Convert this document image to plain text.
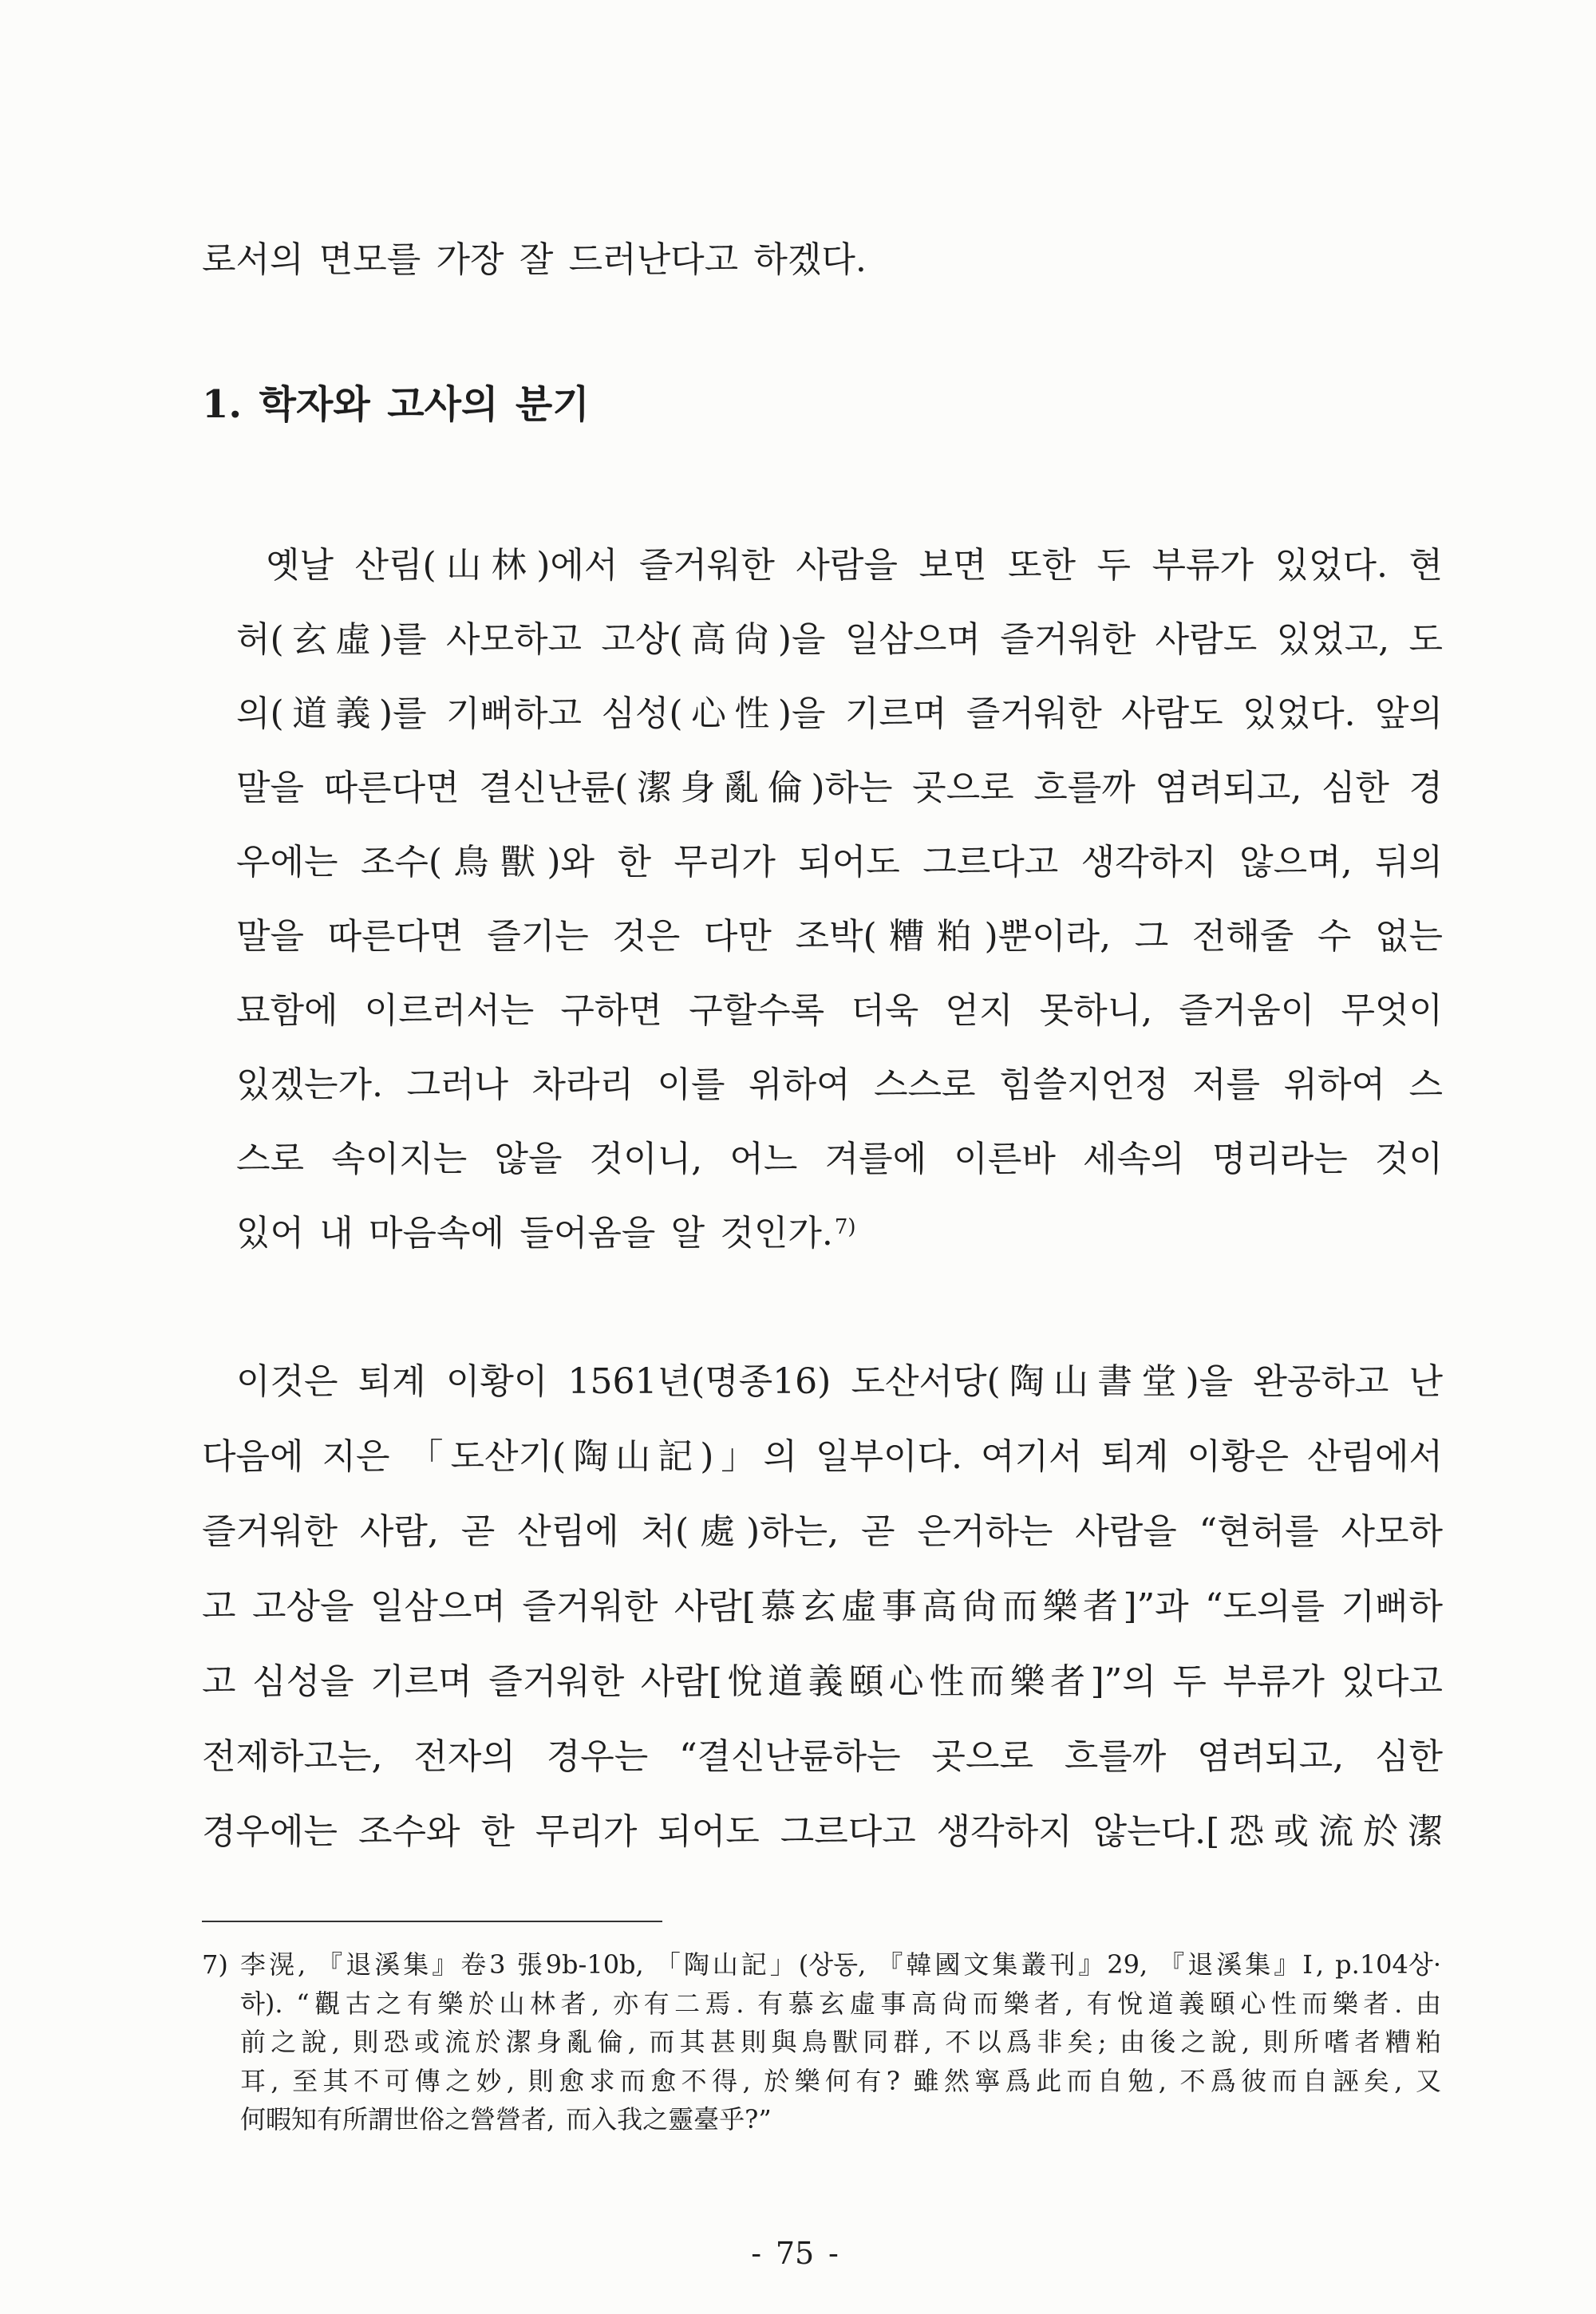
로서의 면모를 가장 잘 드러난다고 하겠다.
1. 학자와 고사의 분기
옛날 산림(山林)에서 즐거워한 사람을 보면 또한 두 부류가 있었다. 현
허(玄虛)를 사모하고 고상(高尙)을 일삼으며 즐거워한 사람도 있었고, 도
의(道義)를 기뻐하고 심성(心性)을 기르며 즐거워한 사람도 있었다. 앞의
말을 따른다면 결신난륜(潔身亂倫)하는 곳으로 흐를까 염려되고, 심한 경
우에는 조수(鳥獸)와 한 무리가 되어도 그르다고 생각하지 않으며, 뒤의
말을 따른다면 즐기는 것은 다만 조박(糟粕)뿐이라, 그 전해줄 수 없는
묘함에 이르러서는 구하면 구할수록 더욱 얻지 못하니, 즐거움이 무엇이
있겠는가. 그러나 차라리 이를 위하여 스스로 힘쓸지언정 저를 위하여 스
스로 속이지는 않을 것이니, 어느 겨를에 이른바 세속의 명리라는 것이
있어 내 마음속에 들어옴을 알 것인가.$^{7)}$
이것은 퇴계 이황이 1561년(명종16) 도산서당(陶山書堂)을 완공하고 난
다음에 지은 「도산기(陶山記)」의 일부이다. 여기서 퇴계 이황은 산림에서
즐거워한 사람, 곧 산림에 처(處)하는, 곧 은거하는 사람을 “현허를 사모하
고 고상을 일삼으며 즐거워한 사람[慕玄虛事高尙而樂者]”과 “도의를 기뻐하
고 심성을 기르며 즐거워한 사람[悅道義頤心性而樂者]”의 두 부류가 있다고
전제하고는, 전자의 경우는 “결신난륜하는 곳으로 흐를까 염려되고, 심한
경우에는 조수와 한 무리가 되어도 그르다고 생각하지 않는다.[恐或流於潔
7) 李滉, 『退溪集』卷3 張9b-10b, 「陶山記」(상동, 『韓國文集叢刊』29, 『退溪集』Ⅰ, p.104상·
하). “觀古之有樂於山林者, 亦有二焉. 有慕玄虛事高尙而樂者, 有悅道義頤心性而樂者. 由
前之說, 則恐或流於潔身亂倫, 而其甚則與鳥獸同群, 不以爲非矣; 由後之說, 則所嗜者糟粕
耳, 至其不可傳之妙, 則愈求而愈不得, 於樂何有? 雖然寧爲此而自勉, 不爲彼而自誣矣, 又
何暇知有所謂世俗之營營者, 而入我之靈臺乎?”
- 75 -
